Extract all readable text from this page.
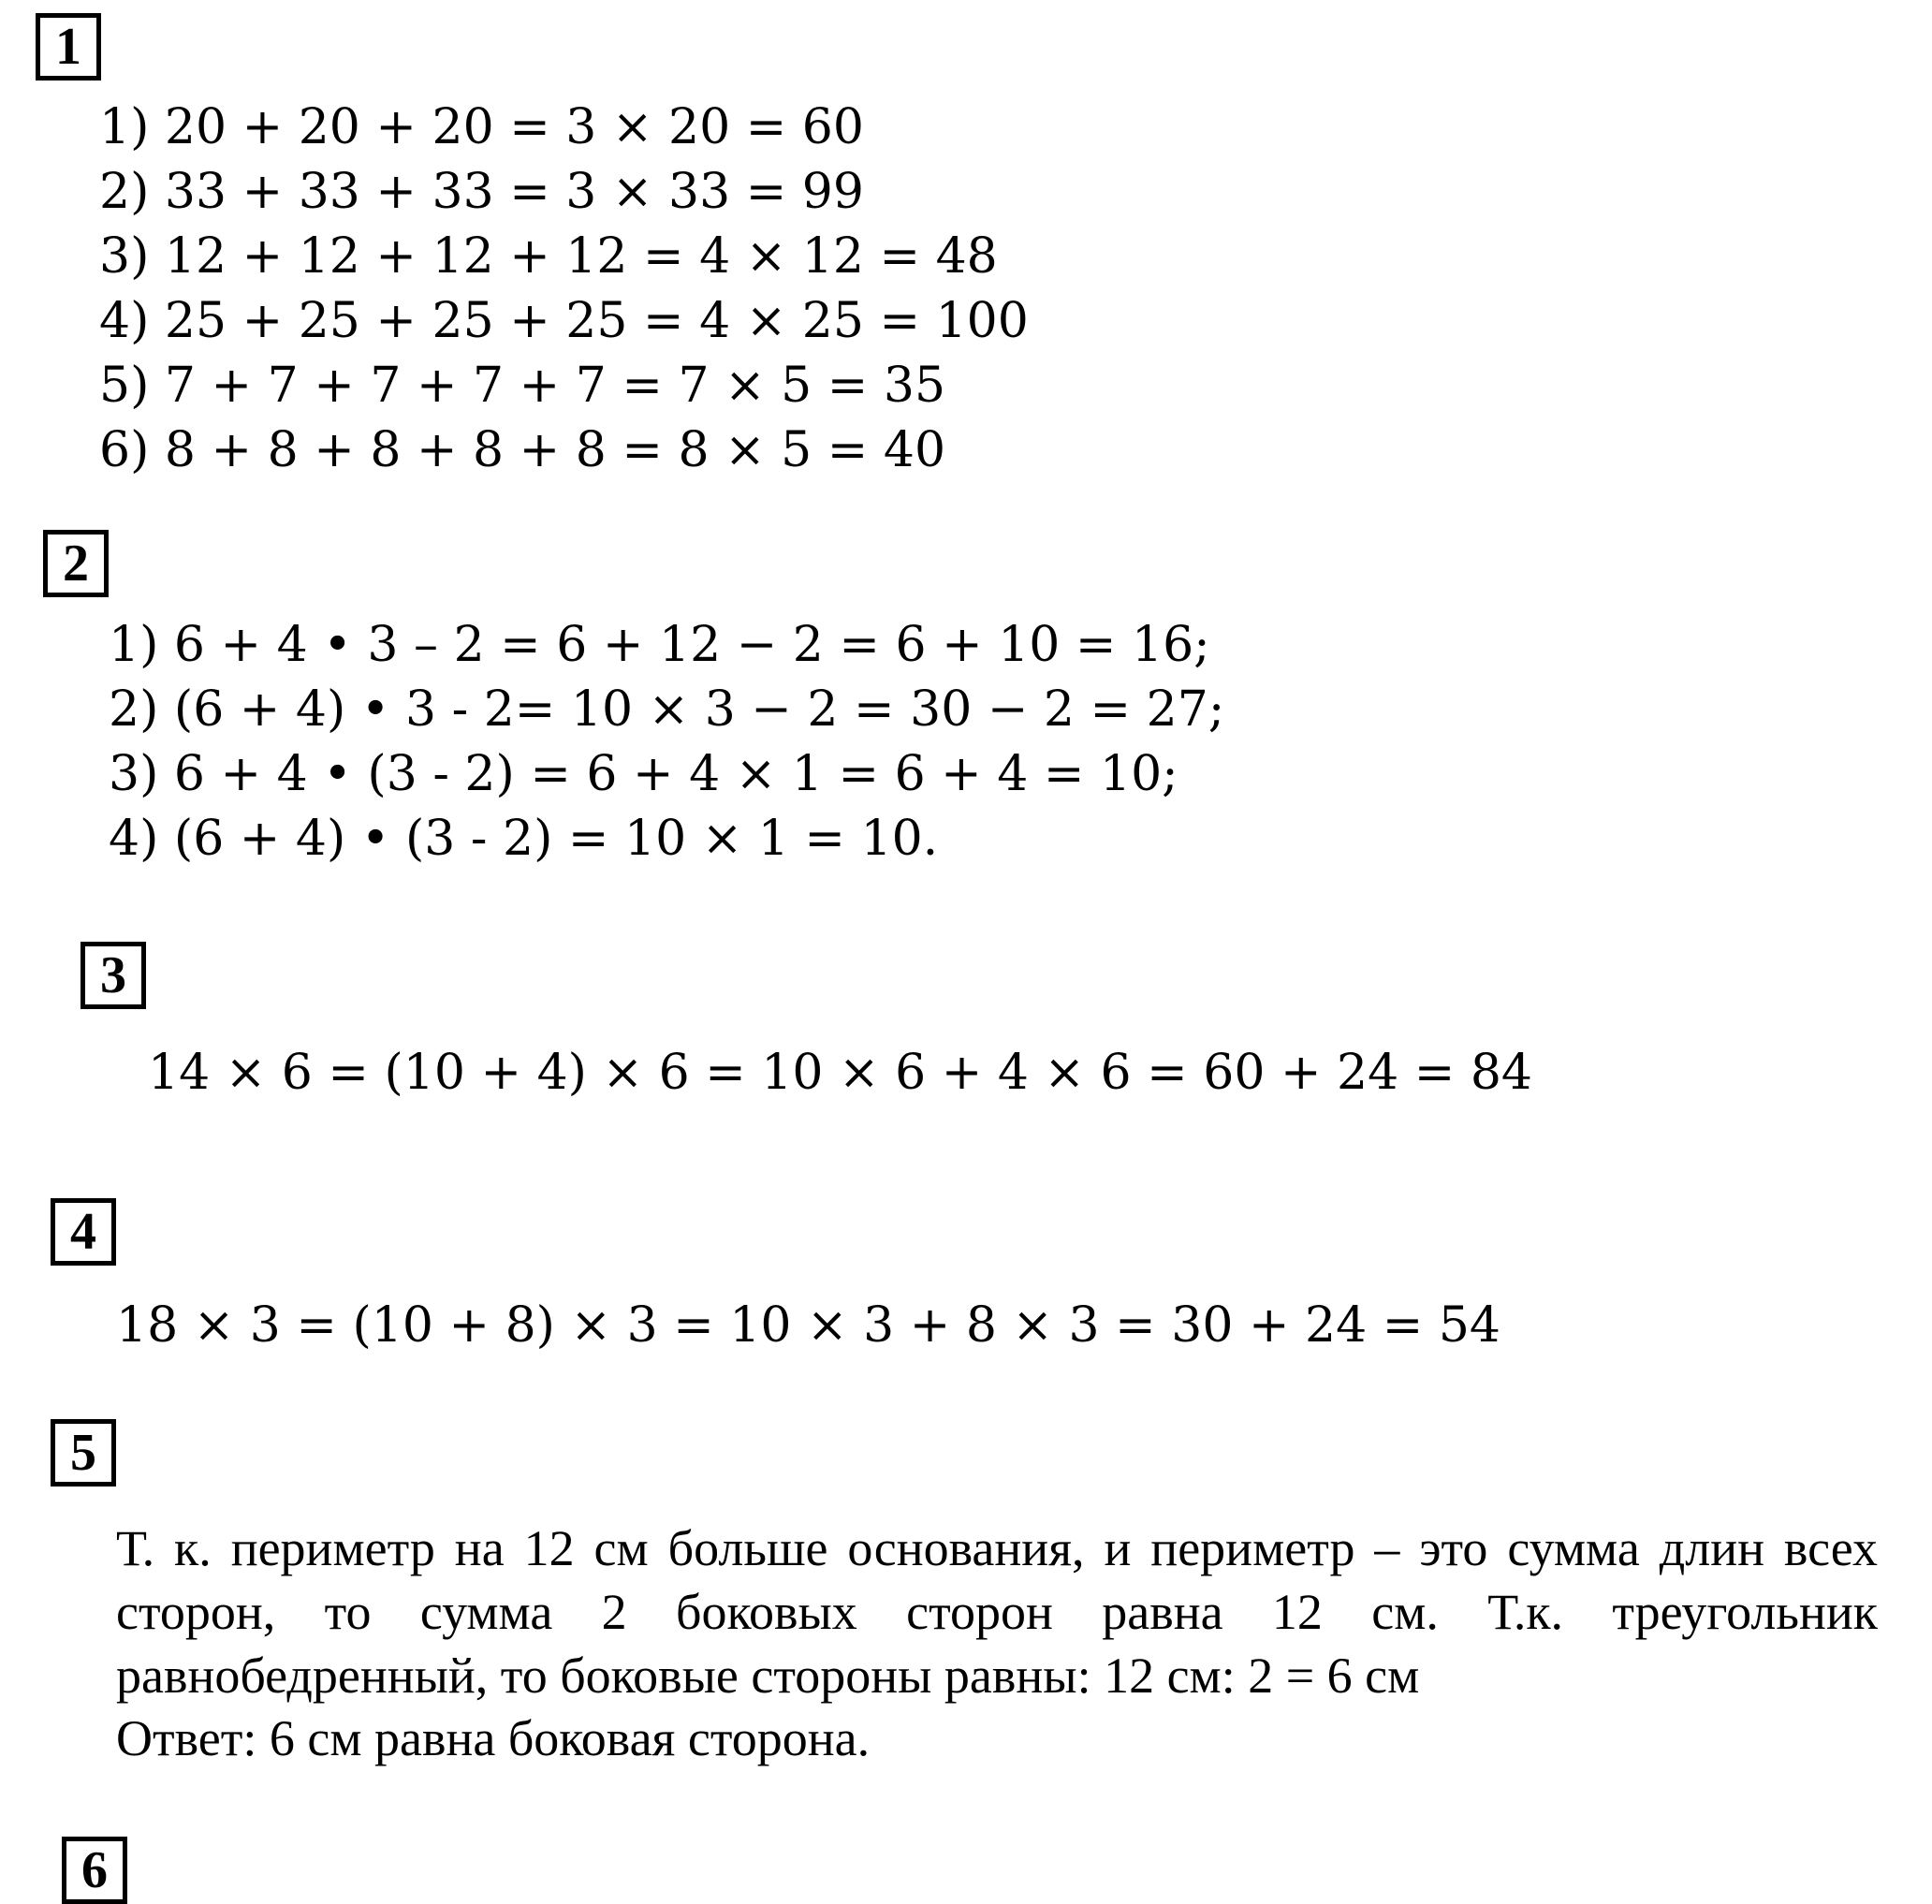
1
1) 20 + 20 + 20 = 3 × 20 = 60
2) 33 + 33 + 33 = 3 × 33 = 99
3) 12 + 12 + 12 + 12 = 4 × 12 = 48
4) 25 + 25 + 25 + 25 = 4 × 25 = 100
5) 7 + 7 + 7 + 7 + 7 = 7 × 5 = 35
6) 8 + 8 + 8 + 8 + 8 = 8 × 5 = 40
2
1) 6 + 4 • 3 – 2 = 6 + 12 − 2 = 6 + 10 = 16;
2) (6 + 4) • 3 - 2= 10 × 3 − 2 = 30 − 2 = 27;
3) 6 + 4 • (3 - 2) = 6 + 4 × 1 = 6 + 4 = 10;
4) (6 + 4) • (3 - 2) = 10 × 1 = 10.
3
14 × 6 = (10 + 4) × 6 = 10 × 6 + 4 × 6 = 60 + 24 = 84
4
18 × 3 = (10 + 8) × 3 = 10 × 3 + 8 × 3 = 30 + 24 = 54
5
Т. к. периметр на 12 см больше основания, и периметр – это сумма длин всех сторон, то сумма 2 боковых сторон равна 12 см. Т.к. треугольник равнобедренный, то боковые стороны равны: 12 см: 2 = 6 см
Ответ: 6 см равна боковая сторона.
6
